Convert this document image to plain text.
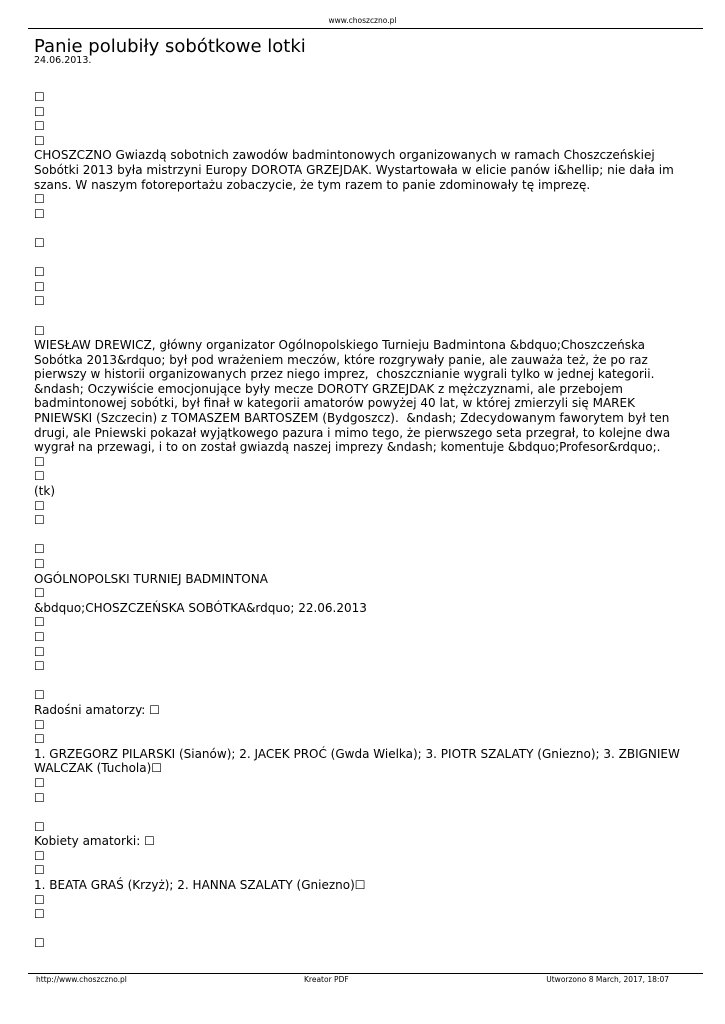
www.choszczno.pl
Panie polubiły sobótkowe lotki
24.06.2013.
☐
☐
☐
☐
CHOSZCZNO Gwiazdą sobotnich zawodów badmintonowych organizowanych w ramach Choszczeńskiej Sobótki 2013 była mistrzyni Europy DOROTA GRZEJDAK. Wystartowała w elicie panów i&hellip; nie dała im szans. W naszym fotoreportażu zobaczycie, że tym razem to panie zdominowały tę imprezę.
☐
☐
☐
☐
☐
☐
☐
WIESŁAW DREWICZ, główny organizator Ogólnopolskiego Turnieju Badmintona &bdquo;Choszczeńska Sobótka 2013&rdquo; był pod wrażeniem meczów, które rozgrywały panie, ale zauważa też, że po raz pierwszy w historii organizowanych przez niego imprez,  choszcznianie wygrali tylko w jednej kategorii. &ndash; Oczywiście emocjonujące były mecze DOROTY GRZEJDAK z mężczyznami, ale przebojem badmintonowej sobótki, był finał w kategorii amatorów powyżej 40 lat, w której zmierzyli się MAREK PNIEWSKI (Szczecin) z TOMASZEM BARTOSZEM (Bydgoszcz).  &ndash; Zdecydowanym faworytem był ten drugi, ale Pniewski pokazał wyjątkowego pazura i mimo tego, że pierwszego seta przegrał, to kolejne dwa wygrał na przewagi, i to on został gwiazdą naszej imprezy &ndash; komentuje &bdquo;Profesor&rdquo;.
☐
☐
(tk)
☐
☐
☐
☐
OGÓLNOPOLSKI TURNIEJ BADMINTONA
☐
&bdquo;CHOSZCZEŃSKA SOBÓTKA&rdquo; 22.06.2013
☐
☐
☐
☐
☐
Radośni amatorzy: ☐
☐
☐
1. GRZEGORZ PILARSKI (Sianów); 2. JACEK PROĆ (Gwda Wielka); 3. PIOTR SZALATY (Gniezno); 3. ZBIGNIEW WALCZAK (Tuchola)☐
☐
☐
☐
Kobiety amatorki: ☐
☐
☐
1. BEATA GRAŚ (Krzyż); 2. HANNA SZALATY (Gniezno)☐
☐
☐
☐
http://www.choszczno.pl	Kreator PDF	Utworzono 8 March, 2017, 18:07
